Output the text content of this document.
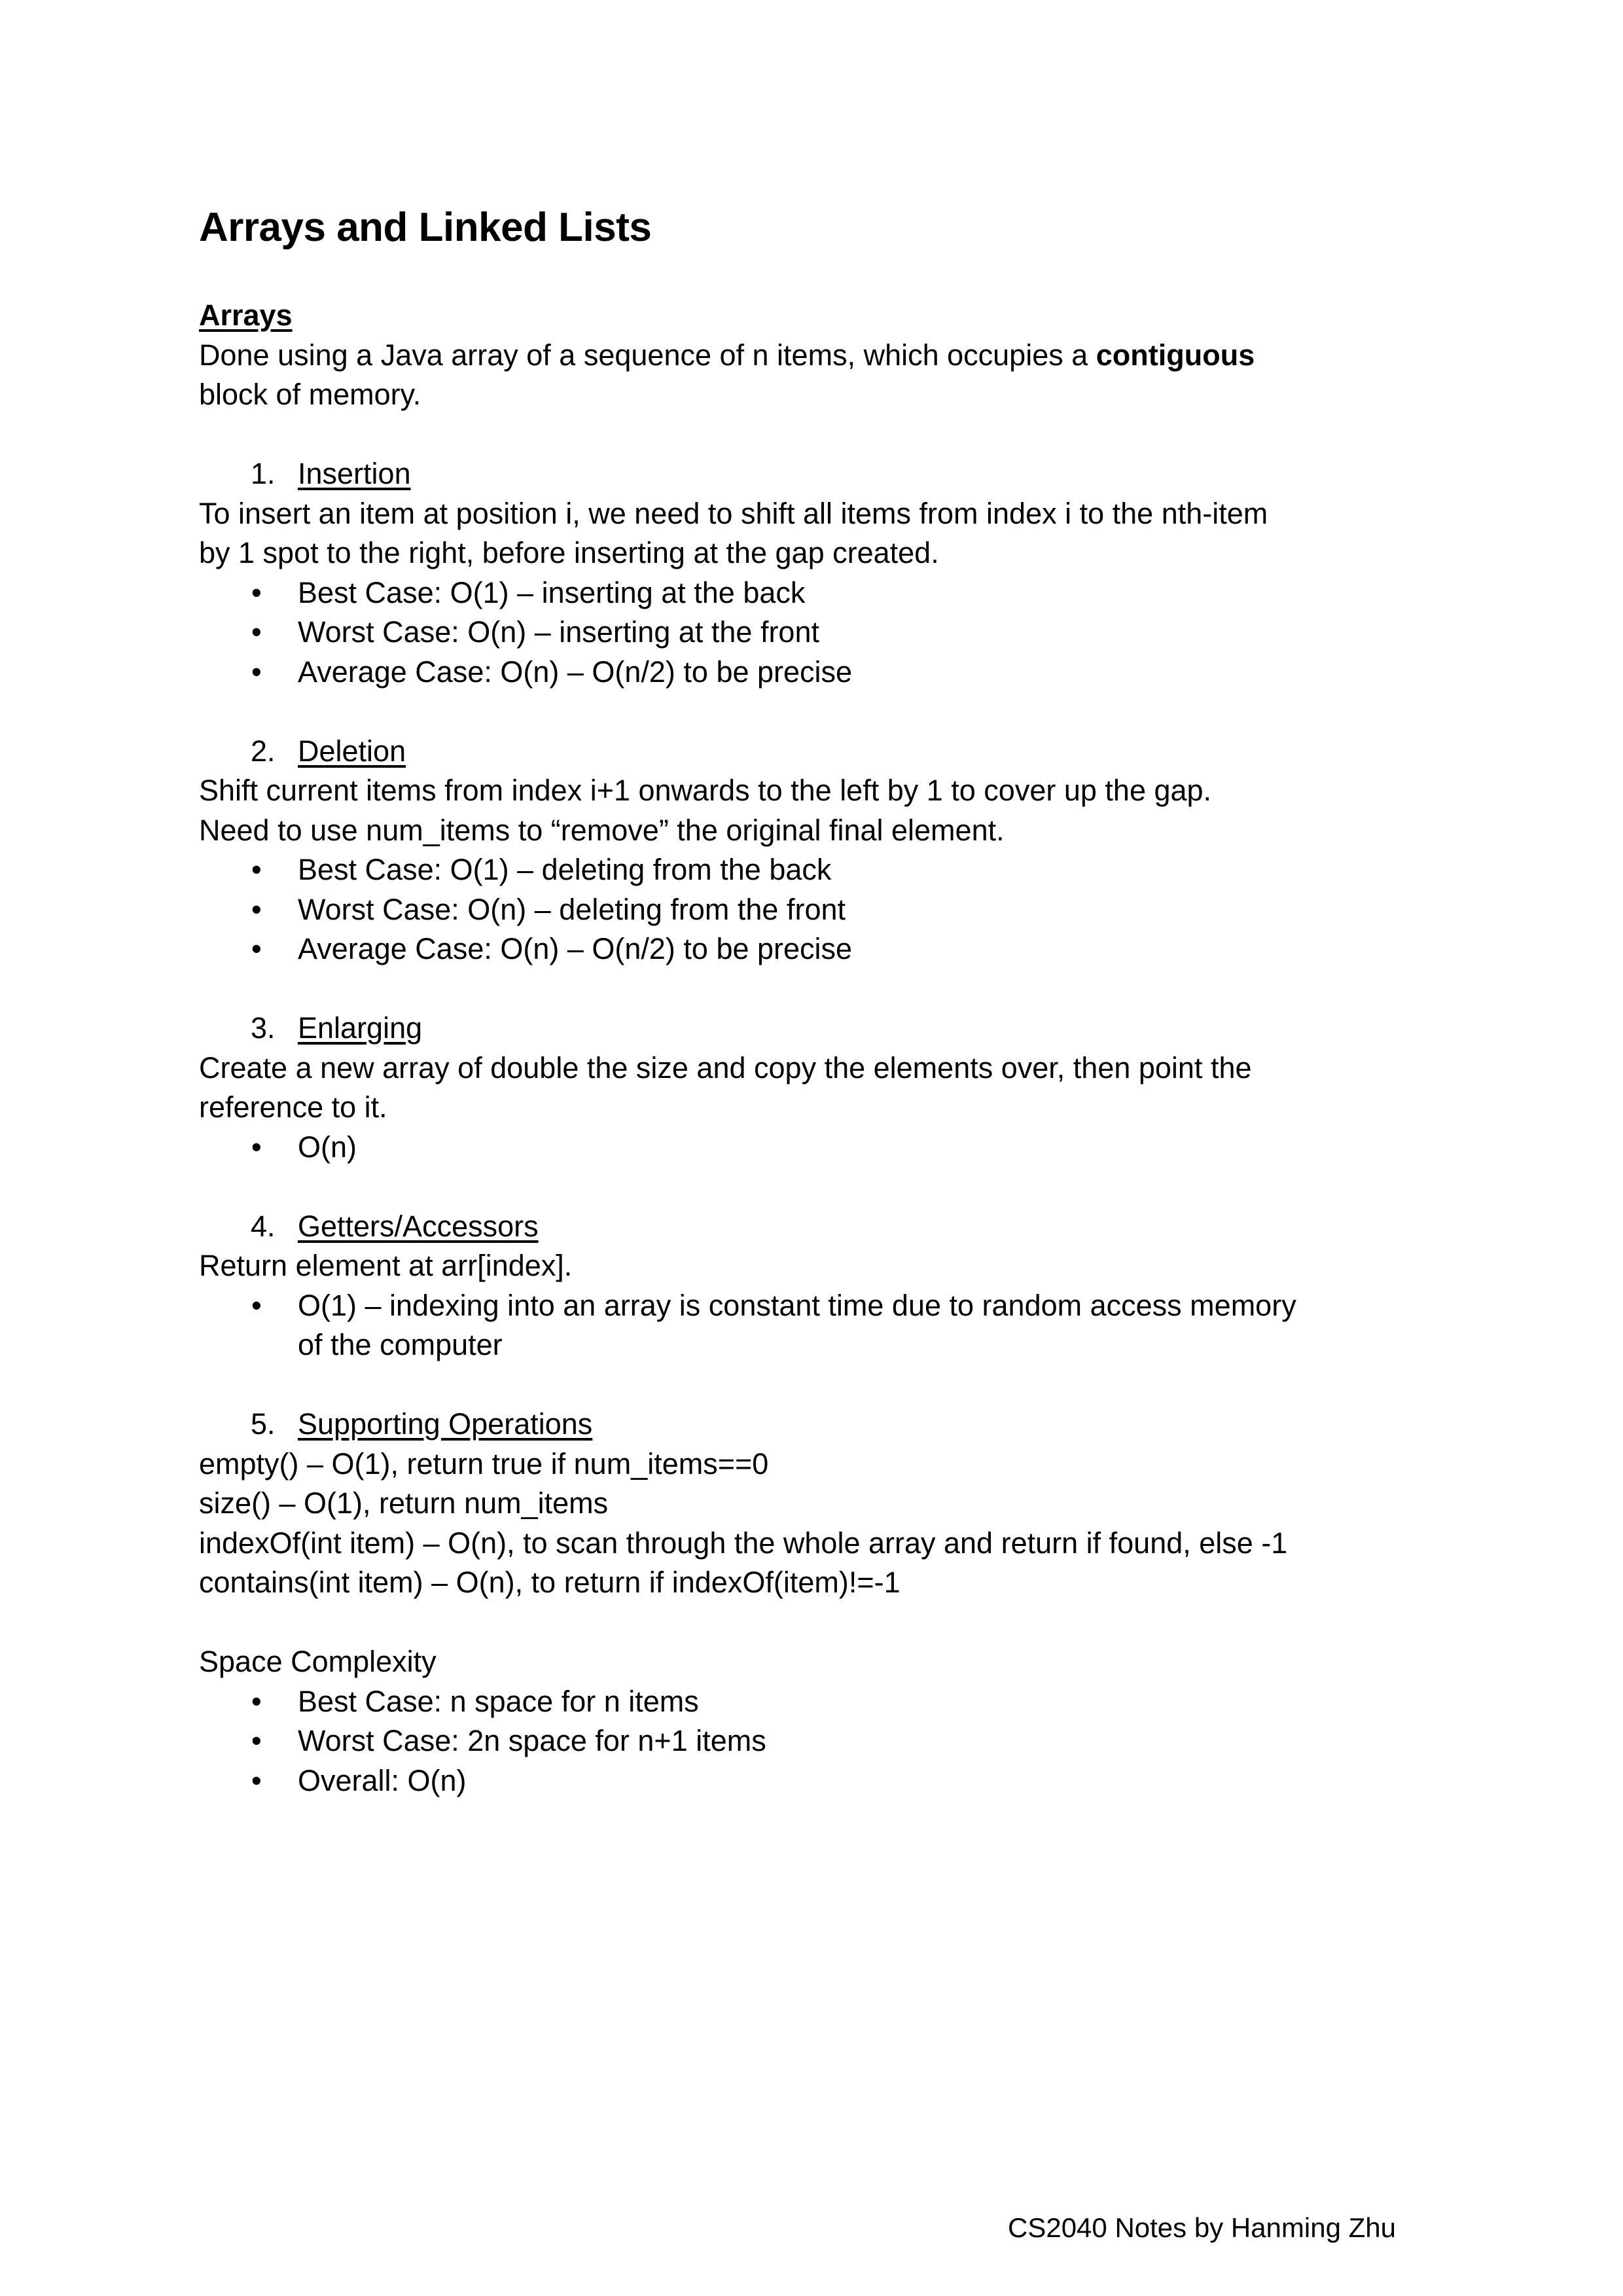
Arrays and Linked Lists
Arrays
Done using a Java array of a sequence of n items, which occupies a contiguous
block of memory.
1. Insertion
To insert an item at position i, we need to shift all items from index i to the nth-item
by 1 spot to the right, before inserting at the gap created.
• Best Case: O(1) – inserting at the back
• Worst Case: O(n) – inserting at the front
• Average Case: O(n) – O(n/2) to be precise
2. Deletion
Shift current items from index i+1 onwards to the left by 1 to cover up the gap.
Need to use num_items to “remove” the original final element.
• Best Case: O(1) – deleting from the back
• Worst Case: O(n) – deleting from the front
• Average Case: O(n) – O(n/2) to be precise
3. Enlarging
Create a new array of double the size and copy the elements over, then point the
reference to it.
• O(n)
4. Getters/Accessors
Return element at arr[index].
• O(1) – indexing into an array is constant time due to random access memory
of the computer
5. Supporting Operations
empty() – O(1), return true if num_items==0
size() – O(1), return num_items
indexOf(int item) – O(n), to scan through the whole array and return if found, else -1
contains(int item) – O(n), to return if indexOf(item)!=-1
Space Complexity
• Best Case: n space for n items
• Worst Case: 2n space for n+1 items
• Overall: O(n)
CS2040 Notes by Hanming Zhu
